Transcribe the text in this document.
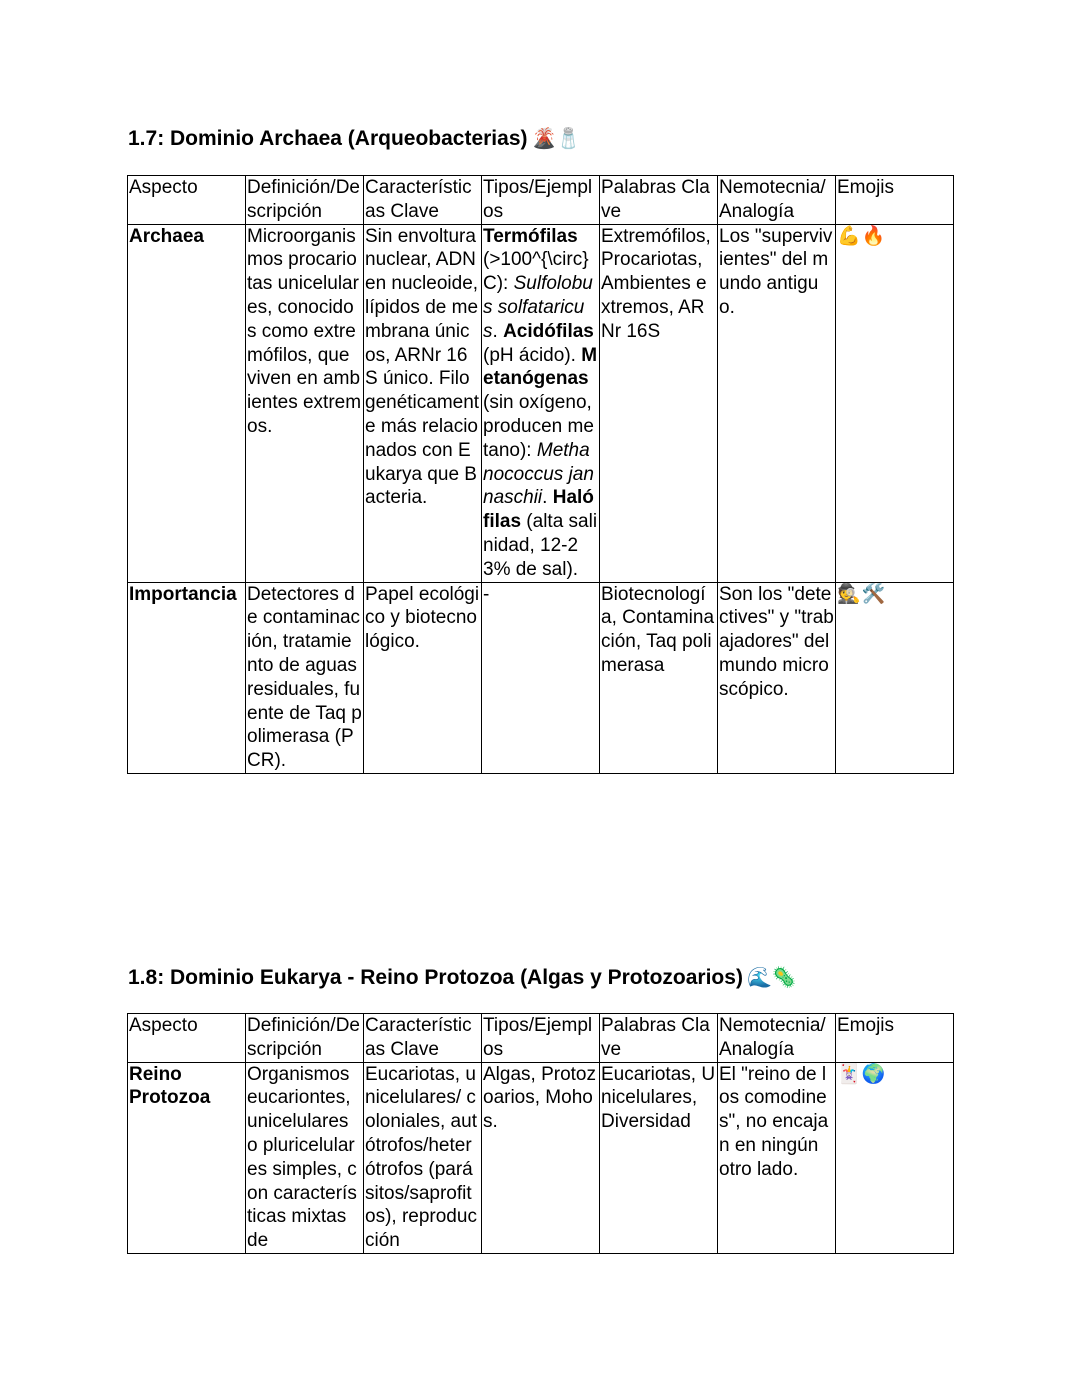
1.7: Dominio Archaea (Arqueobacterias) 🌋🧂
Aspecto	Definición/Descripción	Características Clave	Tipos/Ejemplos	Palabras Clave	Nemotecnia/ Analogía	Emojis
Archaea	Microorganismos procariotas unicelulares, conocidos como extremófilos, que viven en ambientes extremos.	Sin envoltura nuclear, ADN en nucleoide, lípidos de membrana únicos, ARNr 16S único. Filogenéticamente más relacionados con Eukarya que Bacteria.	Termófilas (>100^{\circ} C): Sulfolobus solfataricus. Acidófilas (pH ácido). Metanógenas (sin oxígeno, producen metano): Methanococcus jannaschii. Halófilas (alta salinidad, 12-23% de sal).	Extremófilos, Procariotas, Ambientes extremos, ARNr 16S	Los "supervivientes" del mundo antiguo.	💪🔥
Importancia	Detectores de contaminación, tratamiento de aguas residuales, fuente de Taq polimerasa (PCR).	Papel ecológico y biotecnológico.	-	Biotecnología, Contaminación, Taq polimerasa	Son los "detectives" y "trabajadores" del mundo microscópico.	🕵️🛠️
1.8: Dominio Eukarya - Reino Protozoa (Algas y Protozoarios) 🌊🦠
Aspecto	Definición/Descripción	Características Clave	Tipos/Ejemplos	Palabras Clave	Nemotecnia/ Analogía	Emojis
Reino Protozoa	Organismos eucariontes, unicelulares o pluricelulares simples, con características mixtas de	Eucariotas, unicelulares/ coloniales, autótrofos/heterótrofos (parásitos/saprofitos), reproducción	Algas, Protozoarios, Mohos.	Eucariotas, Unicelulares, Diversidad	El "reino de los comodines", no encajan en ningún otro lado.	🃏🌍
